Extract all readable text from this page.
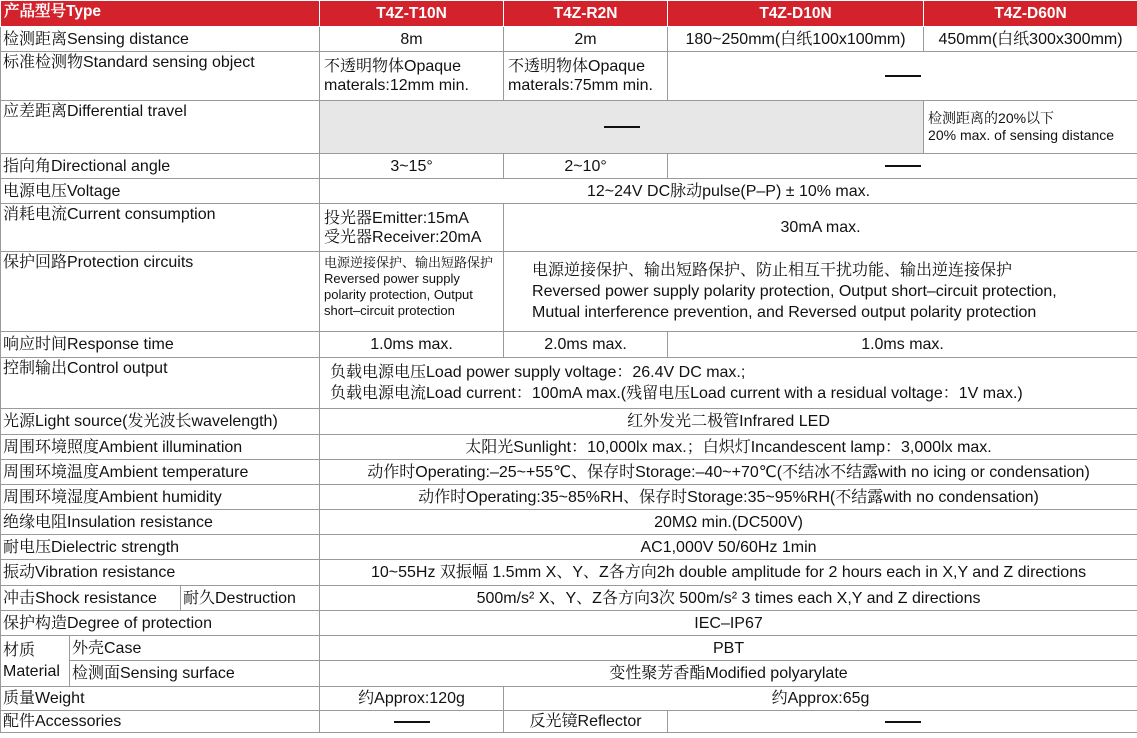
产品型号Type			T4Z-T10N	T4Z-R2N	T4Z-D10N	T4Z-D60N
检测距离Sensing distance			8m	2m	180~250mm(白纸100x100mm)	450mm(白纸300x300mm)
标准检测物Standard sensing object			不透明物体Opaque
materals:12mm min.	不透明物体Opaque
materals:75mm min.		

应差距离Differential travel						检测距离的20%以下
20% max. of sensing distance

指向角Directional angle			3~15°	2~10°		
电源电压Voltage			12~24V DC脉动pulse(P–P) ± 10% max.			
消耗电流Current consumption			投光器Emitter:15mA
受光器Receiver:20mA	30mA max.		
保护回路Protection circuits			电源逆接保护、输出短路保护
Reversed power supply
polarity protection, Output
short–circuit protection	电源逆接保护、输出短路保护、防止相互干扰功能、输出逆连接保护
Reversed power supply polarity protection, Output short–circuit protection,
Mutual interference prevention, and Reversed output polarity protection		

响应时间Response time			1.0ms max.	2.0ms max.	1.0ms max.	
控制输出Control output			负载电源电压Load power supply voltage：26.4V DC max.;
负载电源电流Load current：100mA max.(残留电压Load current with a residual voltage：1V max.)			

光源Light source(发光波长wavelength)			红外发光二极管Infrared LED			
周围环境照度Ambient illumination			太阳光Sunlight：10,000lx max.；白炽灯Incandescent lamp：3,000lx max.			
周围环境温度Ambient temperature			动作时Operating:–25~+55℃、保存时Storage:–40~+70℃(不结冰不结露with no icing or condensation)			
周围环境湿度Ambient humidity			动作时Operating:35~85%RH、保存时Storage:35~95%RH(不结露with no condensation)			
绝缘电阻Insulation resistance			20MΩ min.(DC500V)			
耐电压Dielectric strength			AC1,000V 50/60Hz 1min			
振动Vibration resistance			10~55Hz 双振幅 1.5mm X、Y、Z各方向2h double amplitude for 2 hours each in X,Y and Z directions			
冲击Shock resistance		耐久Destruction	500m/s² X、Y、Z各方向3次 500m/s² 3 times each X,Y and Z directions			
保护构造Degree of protection			IEC–IP67			

材质
Material	外壳Case		PBT			
	检测面Sensing surface		变性聚芳香酯Modified polyarylate			
质量Weight			约Approx:120g	约Approx:65g		
配件Accessories				反光镜Reflector		
